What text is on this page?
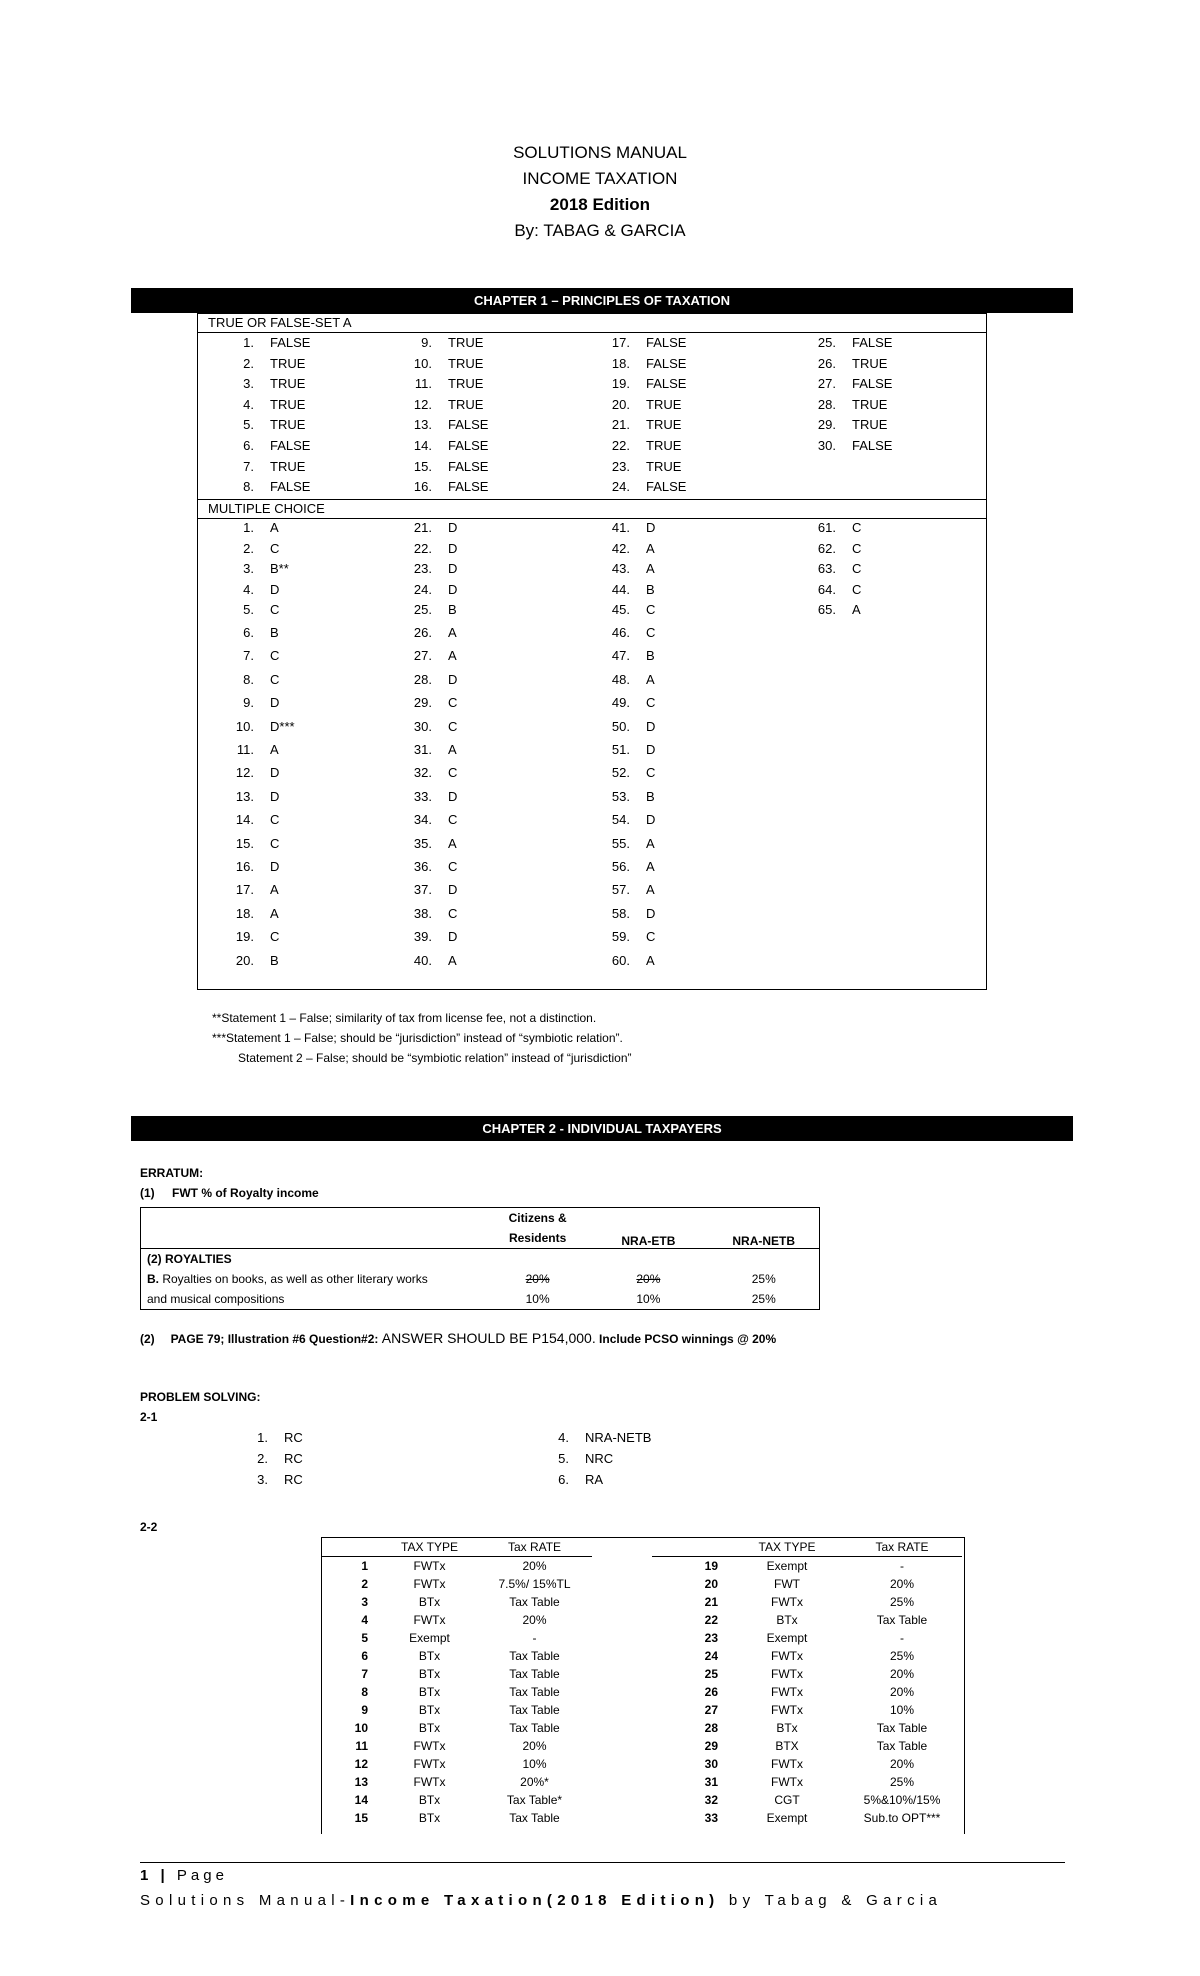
SOLUTIONS MANUAL
INCOME TAXATION
2018 Edition
By: TABAG & GARCIA
CHAPTER 1 – PRINCIPLES OF TAXATION
TRUE OR FALSE-SET A
1. FALSE
2. TRUE
3. TRUE
4. TRUE
5. TRUE
6. FALSE
7. TRUE
8. FALSE
9. TRUE
10. TRUE
11. TRUE
12. TRUE
13. FALSE
14. FALSE
15. FALSE
16. FALSE
17. FALSE
18. FALSE
19. FALSE
20. TRUE
21. TRUE
22. TRUE
23. TRUE
24. FALSE
25. FALSE
26. TRUE
27. FALSE
28. TRUE
29. TRUE
30. FALSE
MULTIPLE CHOICE
1. A
2. C
3. B**
4. D
5. C
6. B
7. C
8. C
9. D
10. D***
11. A
12. D
13. D
14. C
15. C
16. D
17. A
18. A
19. C
20. B
21. D
22. D
23. D
24. D
25. B
26. A
27. A
28. D
29. C
30. C
31. A
32. C
33. D
34. C
35. A
36. C
37. D
38. C
39. D
40. A
41. D
42. A
43. A
44. B
45. C
46. C
47. B
48. A
49. C
50. D
51. D
52. C
53. B
54. D
55. A
56. A
57. A
58. D
59. C
60. A
61. C
62. C
63. C
64. C
65. A
**Statement 1 – False; similarity of tax from license fee, not a distinction.
***Statement 1 – False; should be “jurisdiction” instead of “symbiotic relation”.
Statement 2 – False; should be “symbiotic relation” instead of “jurisdiction”
CHAPTER 2 - INDIVIDUAL TAXPAYERS
ERRATUM:
(1) FWT % of Royalty income

	Citizens &
Residents	NRA-ETB	NRA-NETB
(2) ROYALTIES			
B. Royalties on books, as well as other literary works	20%	20%	25%
and musical compositions	10%	10%	25%
(2) PAGE 79; Illustration #6 Question#2: ANSWER SHOULD BE P154,000. Include PCSO winnings @ 20%
PROBLEM SOLVING:
2-1
1. RC
2. RC
3. RC
4. NRA-NETB
5. NRC
6. RA
2-2
	TAX TYPE	Tax RATE
1	FWTx	20%
2	FWTx	7.5%/ 15%TL
3	BTx	Tax Table
4	FWTx	20%
5	Exempt	-
6	BTx	Tax Table
7	BTx	Tax Table
8	BTx	Tax Table
9	BTx	Tax Table
10	BTx	Tax Table
11	FWTx	20%
12	FWTx	10%
13	FWTx	20%*
14	BTx	Tax Table*
15	BTx	Tax Table
	TAX TYPE	Tax RATE
19	Exempt	-
20	FWT	20%
21	FWTx	25%
22	BTx	Tax Table
23	Exempt	-
24	FWTx	25%
25	FWTx	20%
26	FWTx	20%
27	FWTx	10%
28	BTx	Tax Table
29	BTX	Tax Table
30	FWTx	20%
31	FWTx	25%
32	CGT	5%&10%/15%
33	Exempt	Sub.to OPT***
1 | Page
Solutions Manual-Income Taxation(2018 Edition) by Tabag & Garcia
